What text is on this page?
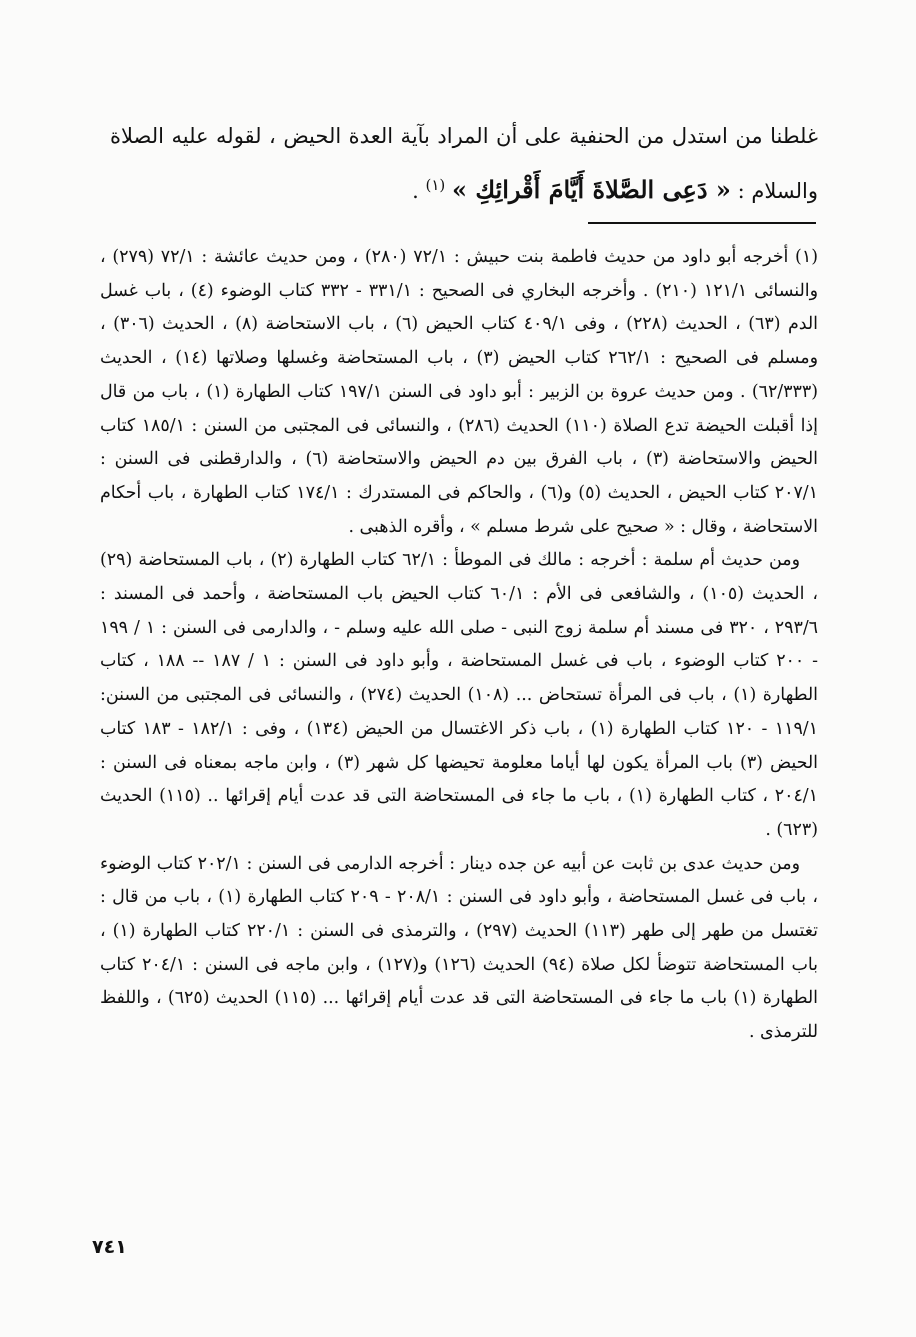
غلطنا من استدل من الحنفية على أن المراد بآية العدة الحيض ، لقوله عليه الصلاة والسلام : « دَعِى الصَّلاةَ أَيَّامَ أَقْرائِكِ » $^{(١)}$ .

(١) أخرجه أبو داود من حديث فاطمة بنت حبيش : ٧٢/١ (٢٨٠) ، ومن حديث عائشة : ٧٢/١ (٢٧٩) ، والنسائى ١٢١/١ (٢١٠) . وأخرجه البخاري فى الصحيح : ٣٣١/١ - ٣٣٢ كتاب الوضوء (٤) ، باب غسل الدم (٦٣) ، الحديث (٢٢٨) ، وفى ٤٠٩/١ كتاب الحيض (٦) ، باب الاستحاضة (٨) ، الحديث (٣٠٦) ، ومسلم فى الصحيح : ٢٦٢/١ كتاب الحيض (٣) ، باب المستحاضة وغسلها وصلاتها (١٤) ، الحديث (٦٢/٣٣٣) . ومن حديث عروة بن الزبير : أبو داود فى السنن ١٩٧/١ كتاب الطهارة (١) ، باب من قال إذا أقبلت الحيضة تدع الصلاة (١١٠) الحديث (٢٨٦) ، والنسائى فى المجتبى من السنن : ١٨٥/١ كتاب الحيض والاستحاضة (٣) ، باب الفرق بين دم الحيض والاستحاضة (٦) ، والدارقطنى فى السنن : ٢٠٧/١ كتاب الحيض ، الحديث (٥) و(٦) ، والحاكم فى المستدرك : ١٧٤/١ كتاب الطهارة ، باب أحكام الاستحاضة ، وقال : « صحيح على شرط مسلم » ، وأقره الذهبى .

ومن حديث أم سلمة : أخرجه : مالك فى الموطأ : ٦٢/١ كتاب الطهارة (٢) ، باب المستحاضة (٢٩) ، الحديث (١٠٥) ، والشافعى فى الأم : ٦٠/١ كتاب الحيض باب المستحاضة ، وأحمد فى المسند : ٢٩٣/٦ ، ٣٢٠ فى مسند أم سلمة زوج النبى - صلى الله عليه وسلم - ، والدارمى فى السنن : ١ / ١٩٩ - ٢٠٠ كتاب الوضوء ، باب فى غسل المستحاضة ، وأبو داود فى السنن : ١ / ١٨٧ -- ١٨٨ ، كتاب الطهارة (١) ، باب فى المرأة تستحاض ... (١٠٨) الحديث (٢٧٤) ، والنسائى فى المجتبى من السنن: ١١٩/١ - ١٢٠ كتاب الطهارة (١) ، باب ذكر الاغتسال من الحيض (١٣٤) ، وفى : ١٨٢/١ - ١٨٣ كتاب الحيض (٣) باب المرأة يكون لها أياما معلومة تحيضها كل شهر (٣) ، وابن ماجه بمعناه فى السنن : ٢٠٤/١ ، كتاب الطهارة (١) ، باب ما جاء فى المستحاضة التى قد عدت أيام إقرائها .. (١١٥) الحديث (٦٢٣) .

ومن حديث عدى بن ثابت عن أبيه عن جده دينار : أخرجه الدارمى فى السنن : ٢٠٢/١ كتاب الوضوء ، باب فى غسل المستحاضة ، وأبو داود فى السنن : ٢٠٨/١ - ٢٠٩ كتاب الطهارة (١) ، باب من قال : تغتسل من طهر إلى طهر (١١٣) الحديث (٢٩٧) ، والترمذى فى السنن : ٢٢٠/١ كتاب الطهارة (١) ، باب المستحاضة تتوضأ لكل صلاة (٩٤) الحديث (١٢٦) و(١٢٧) ، وابن ماجه فى السنن : ٢٠٤/١ كتاب الطهارة (١) باب ما جاء فى المستحاضة التى قد عدت أيام إقرائها ... (١١٥) الحديث (٦٢٥) ، واللفظ للترمذى .

٧٤١
